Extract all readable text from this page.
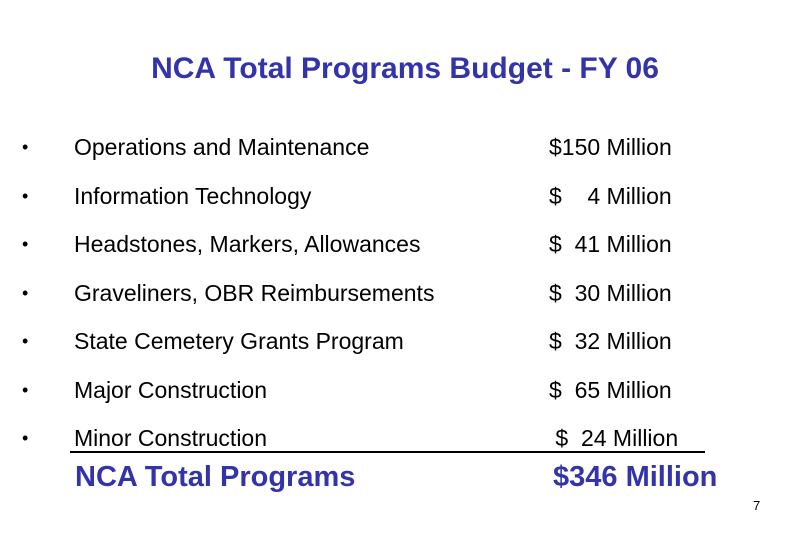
NCA Total Programs Budget - FY 06
• Operations and Maintenance	$150 Million
• Information Technology	$    4 Million
• Headstones, Markers, Allowances	$  41 Million
• Graveliners, OBR Reimbursements	$  30 Million
• State Cemetery Grants Program	$  32 Million
• Major Construction	$  65 Million
• Minor Construction	$  24 Million
NCA Total Programs	$346 Million
7
